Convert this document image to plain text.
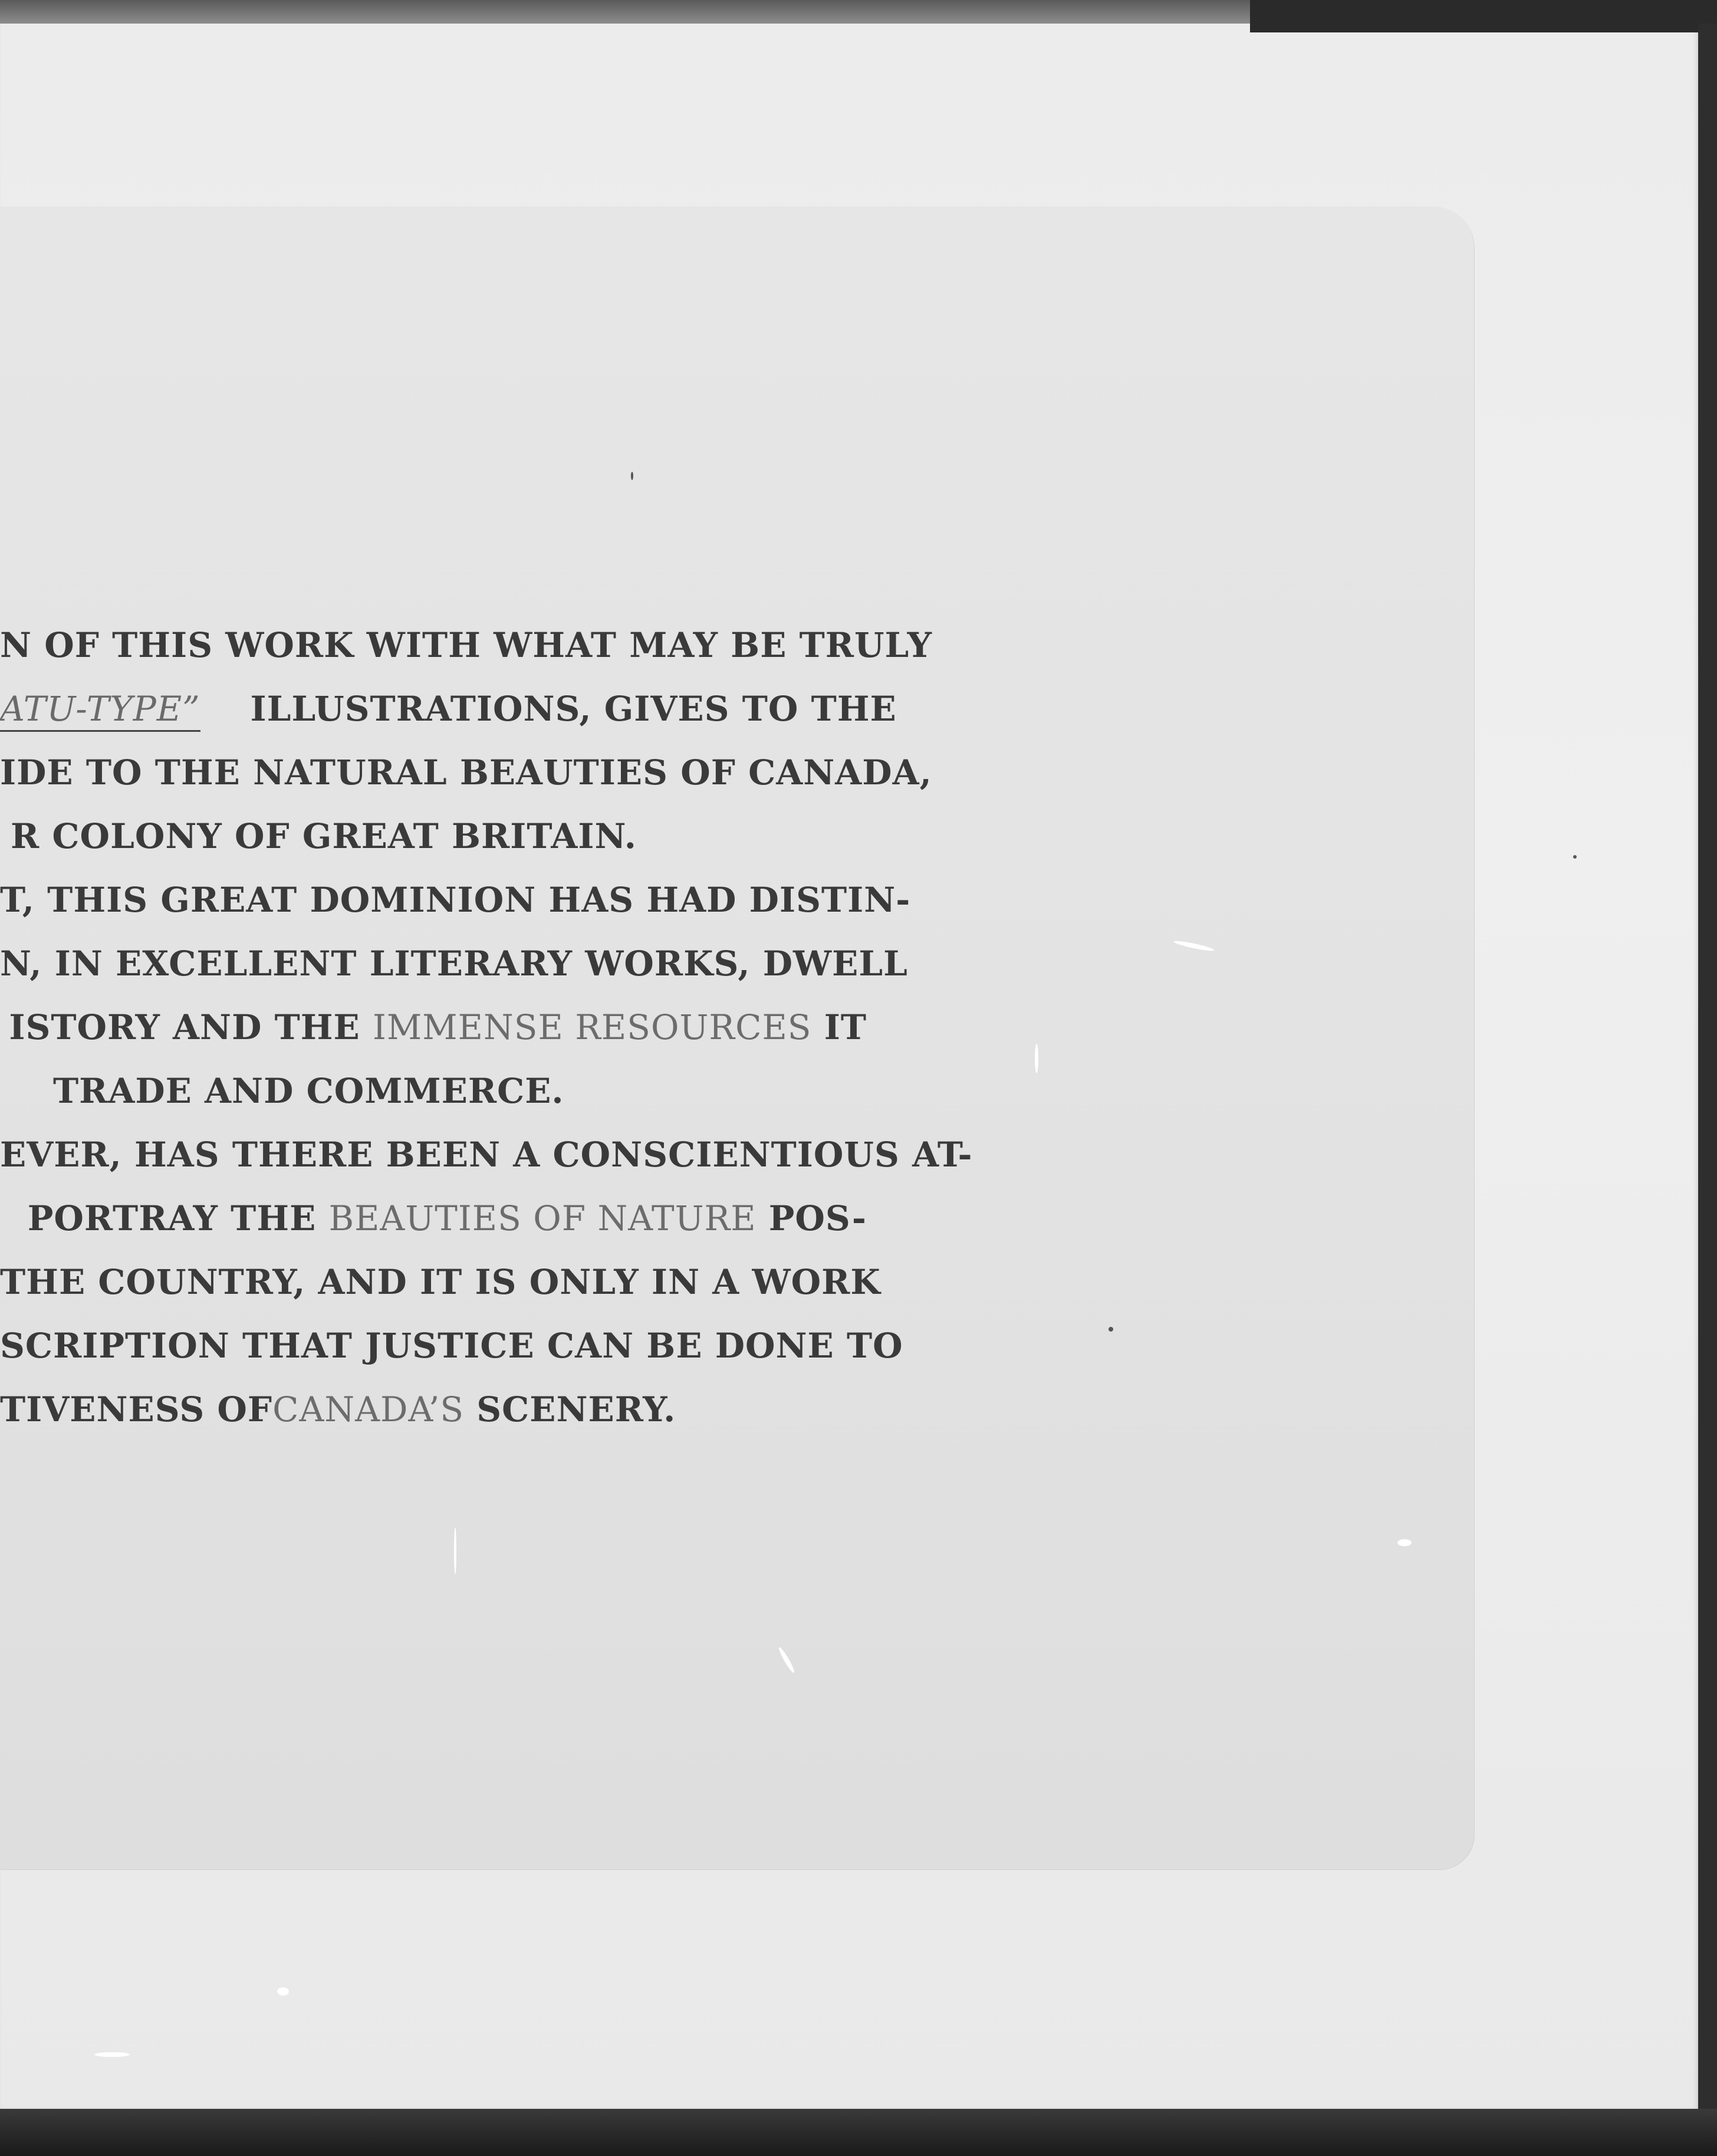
N OF THIS WORK WITH WHAT MAY BE TRULY
ATU-TYPE”    ILLUSTRATIONS, GIVES TO THE
IDE TO THE NATURAL BEAUTIES OF CANADA,
R COLONY OF GREAT BRITAIN.
T, THIS GREAT DOMINION HAS HAD DISTIN-
N, IN EXCELLENT LITERARY WORKS, DWELL
ISTORY AND THE IMMENSE RESOURCES IT
TRADE AND COMMERCE.
EVER, HAS THERE BEEN A CONSCIENTIOUS AT-
PORTRAY THE BEAUTIES OF NATURE POS-
THE COUNTRY, AND IT IS ONLY IN A WORK
SCRIPTION THAT JUSTICE CAN BE DONE TO
TIVENESS OFCANADA’S SCENERY.
